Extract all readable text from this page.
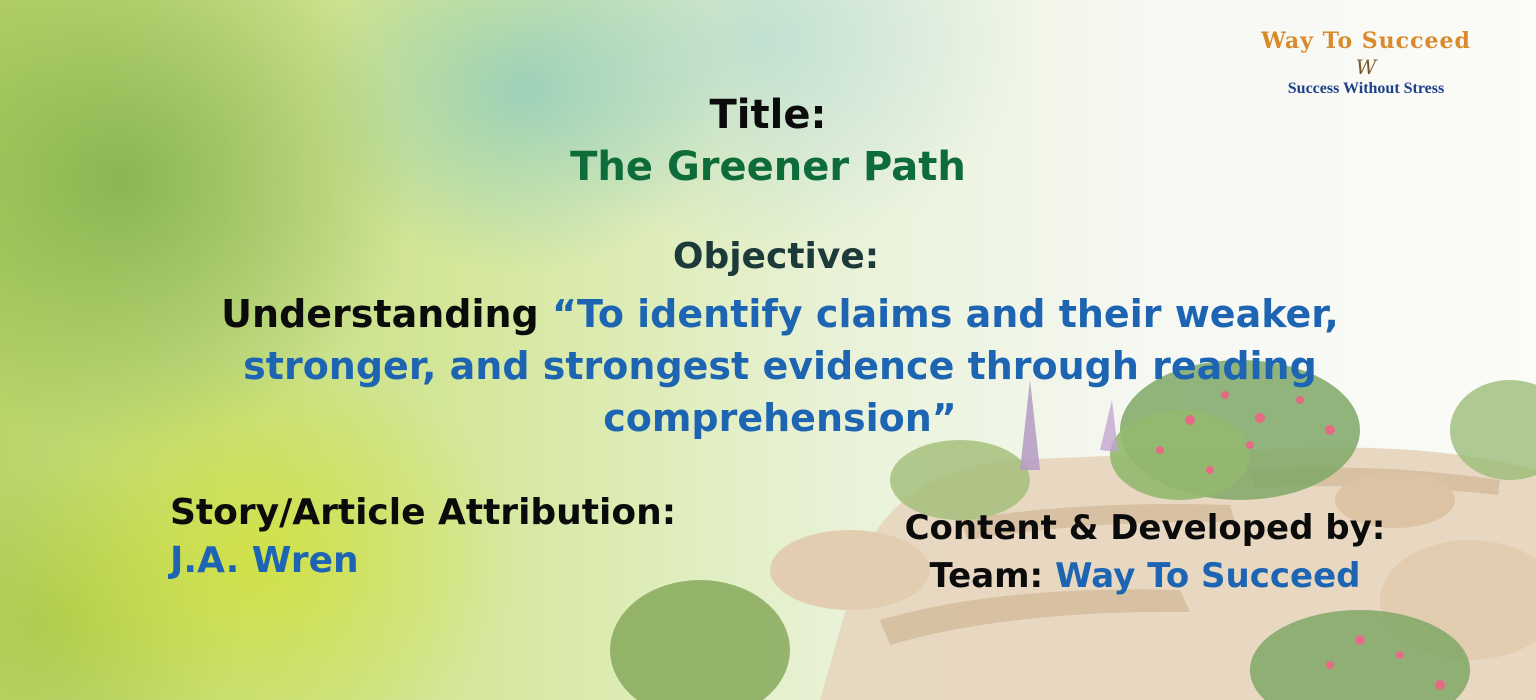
Way To Succeed
W
Success Without Stress
Title:
The Greener Path
Objective:
Understanding “To identify claims and their weaker, stronger, and strongest evidence through reading comprehension”
Story/Article Attribution:
J.A. Wren
Content & Developed by:
Team: Way To Succeed
